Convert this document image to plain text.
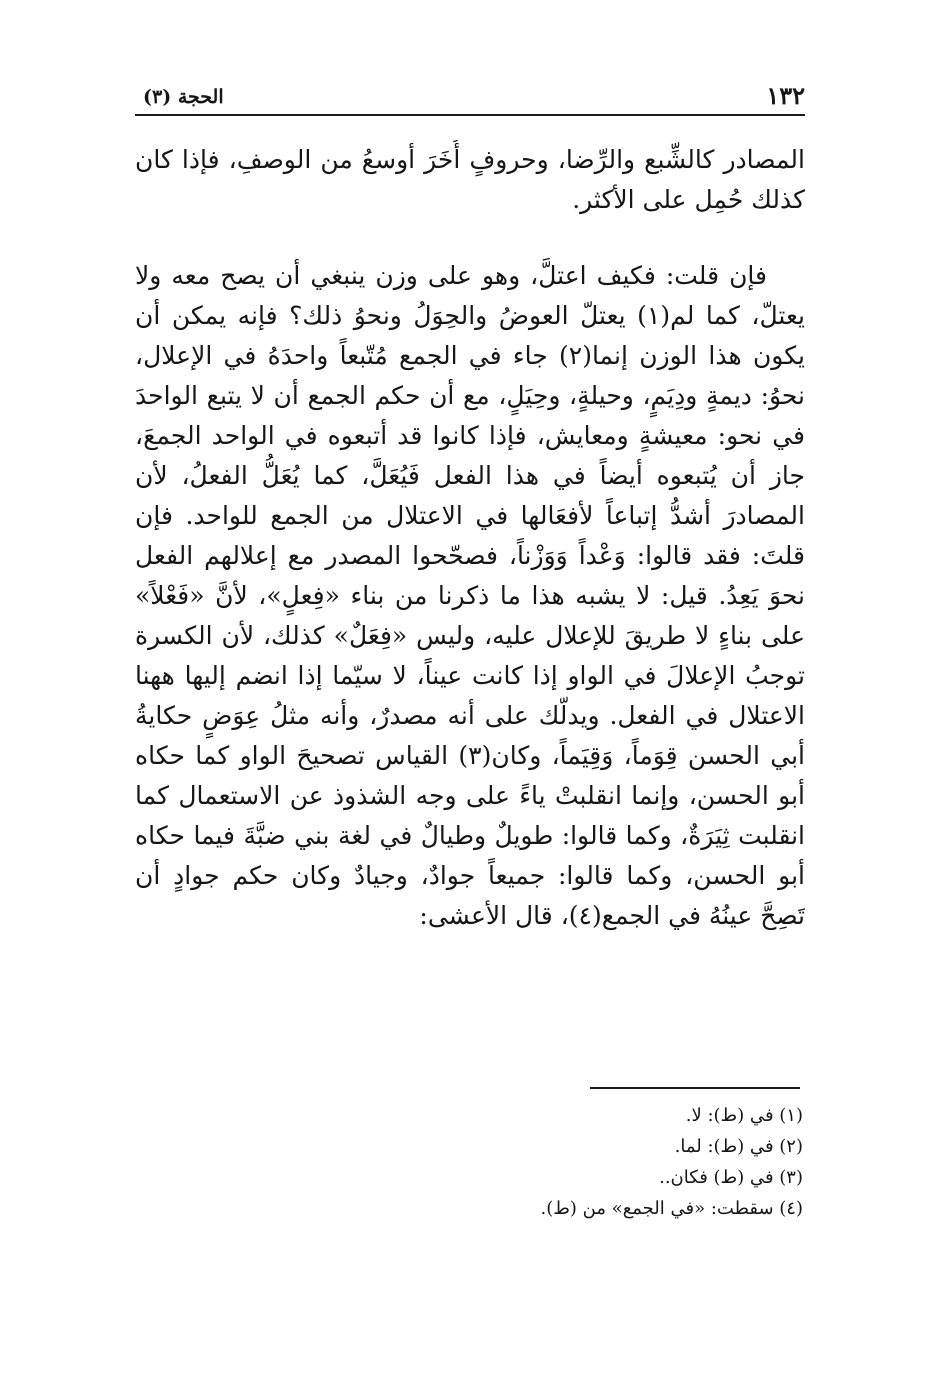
١٣٢
الحجة (٣)

المصادر كالشِّبع والرِّضا، وحروفٍ أُخَرَ أوسعُ من الوصفِ، فإذا كان كذلك حُمِل على الأكثر.

فإن قلت: فكيف اعتلَّ، وهو على وزن ينبغي أن يصح معه ولا يعتلّ، كما لم(١) يعتلّ العوضُ والحِوَلُ ونحوُ ذلك؟ فإنه يمكن أن يكون هذا الوزن إنما(٢) جاء في الجمع مُتّبعاً واحدَهُ في الإعلال، نحوُ: ديمةٍ ودِيَمٍ، وحيلةٍ، وحِيَلٍ، مع أن حكم الجمع أن لا يتبع الواحدَ في نحو: معيشةٍ ومعايش، فإذا كانوا قد أتبعوه في الواحد الجمعَ، جاز أن يُتبعوه أيضاً في هذا الفعل فَيُعَلَّ، كما يُعَلُّ الفعلُ، لأن المصادرَ أشدُّ إتباعاً لأفعَالها في الاعتلال من الجمع للواحد. فإن قلتَ: فقد قالوا: وَعْداً وَوَزْناً، فصحّحوا المصدر مع إعلالهم الفعل نحوَ يَعِدُ. قيل: لا يشبه هذا ما ذكرنا من بناء «فِعلٍ»، لأنَّ «فَعْلاً» على بناءٍ لا طريقَ للإعلال عليه، وليس «فِعَلٌ» كذلك، لأن الكسرة توجبُ الإعلالَ في الواو إذا كانت عيناً، لا سيّما إذا انضم إليها ههنا الاعتلال في الفعل. ويدلّك على أنه مصدرٌ، وأنه مثلُ عِوَضٍ حكايةُ أبي الحسن قِوَماً، وَقِيَماً، وكان(٣) القياس تصحيحَ الواو كما حكاه أبو الحسن، وإنما انقلبتْ ياءً على وجه الشذوذ عن الاستعمال كما انقلبت ثِيَرَةٌ، وكما قالوا: طويلٌ وطيالٌ في لغة بني ضبَّةَ فيما حكاه أبو الحسن، وكما قالوا: جميعاً جوادٌ، وجيادٌ وكان حكم جوادٍ أن تَصِحَّ عينُهُ في الجمع(٤)، قال الأعشى:

(١) في (ط): لا.
(٢) في (ط): لما.
(٣) في (ط) فكان..
(٤) سقطت: «في الجمع» من (ط).
